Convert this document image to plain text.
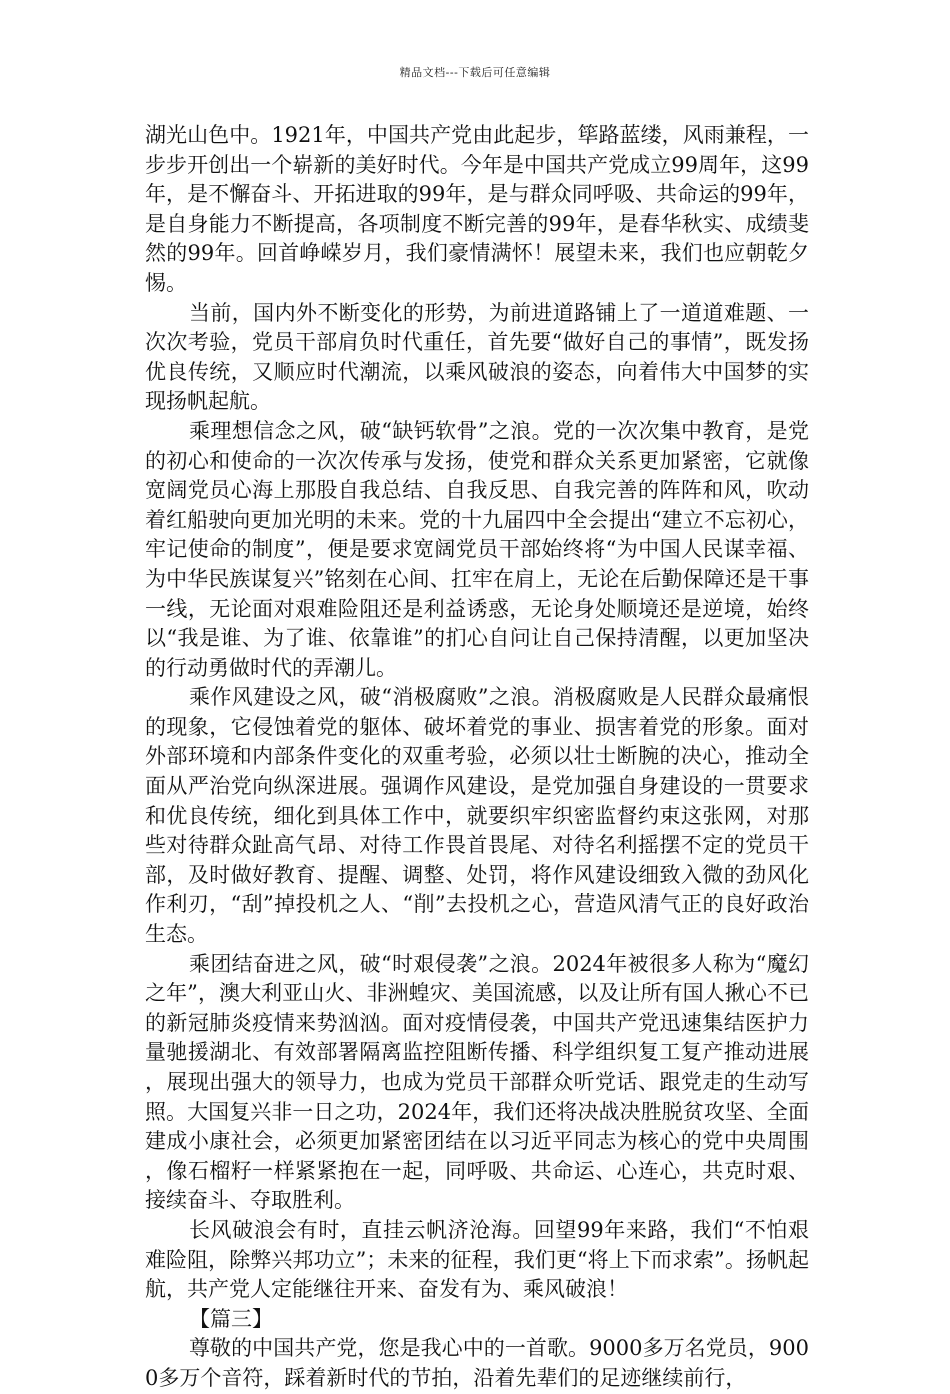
精品文档---下载后可任意编辑

湖光山色中。1921年，中国共产党由此起步，筚路蓝缕，风雨兼程，一步步开创出一个崭新的美好时代。今年是中国共产党成立99周年，这99年，是不懈奋斗、开拓进取的99年，是与群众同呼吸、共命运的99年，是自身能力不断提高，各项制度不断完善的99年，是春华秋实、成绩斐然的99年。回首峥嵘岁月，我们豪情满怀！展望未来，我们也应朝乾夕惕。

当前，国内外不断变化的形势，为前进道路铺上了一道道难题、一次次考验，党员干部肩负时代重任，首先要“做好自己的事情”，既发扬优良传统，又顺应时代潮流，以乘风破浪的姿态，向着伟大中国梦的实现扬帆起航。

乘理想信念之风，破“缺钙软骨”之浪。党的一次次集中教育，是党的初心和使命的一次次传承与发扬，使党和群众关系更加紧密，它就像宽阔党员心海上那股自我总结、自我反思、自我完善的阵阵和风，吹动着红船驶向更加光明的未来。党的十九届四中全会提出“建立不忘初心，牢记使命的制度”，便是要求宽阔党员干部始终将“为中国人民谋幸福、为中华民族谋复兴”铭刻在心间、扛牢在肩上，无论在后勤保障还是干事一线，无论面对艰难险阻还是利益诱惑，无论身处顺境还是逆境，始终以“我是谁、为了谁、依靠谁”的扪心自问让自己保持清醒，以更加坚决的行动勇做时代的弄潮儿。

乘作风建设之风，破“消极腐败”之浪。消极腐败是人民群众最痛恨的现象，它侵蚀着党的躯体、破坏着党的事业、损害着党的形象。面对外部环境和内部条件变化的双重考验，必须以壮士断腕的决心，推动全面从严治党向纵深进展。强调作风建设，是党加强自身建设的一贯要求和优良传统，细化到具体工作中，就要织牢织密监督约束这张网，对那些对待群众趾高气昂、对待工作畏首畏尾、对待名利摇摆不定的党员干部，及时做好教育、提醒、调整、处罚，将作风建设细致入微的劲风化作利刃，“刮”掉投机之人、“削”去投机之心，营造风清气正的良好政治生态。

乘团结奋进之风，破“时艰侵袭”之浪。2024年被很多人称为“魔幻之年”，澳大利亚山火、非洲蝗灾、美国流感，以及让所有国人揪心不已的新冠肺炎疫情来势汹汹。面对疫情侵袭，中国共产党迅速集结医护力量驰援湖北、有效部署隔离监控阻断传播、科学组织复工复产推动进展，展现出强大的领导力，也成为党员干部群众听党话、跟党走的生动写照。大国复兴非一日之功，2024年，我们还将决战决胜脱贫攻坚、全面建成小康社会，必须更加紧密团结在以习近平同志为核心的党中央周围，像石榴籽一样紧紧抱在一起，同呼吸、共命运、心连心，共克时艰、接续奋斗、夺取胜利。

长风破浪会有时，直挂云帆济沧海。回望99年来路，我们“不怕艰难险阻，除弊兴邦功立”；未来的征程，我们更“将上下而求索”。扬帆起航，共产党人定能继往开来、奋发有为、乘风破浪！

【篇三】

尊敬的中国共产党，您是我心中的一首歌。9000多万名党员，9000多万个音符，踩着新时代的节拍，沿着先辈们的足迹继续前行，
